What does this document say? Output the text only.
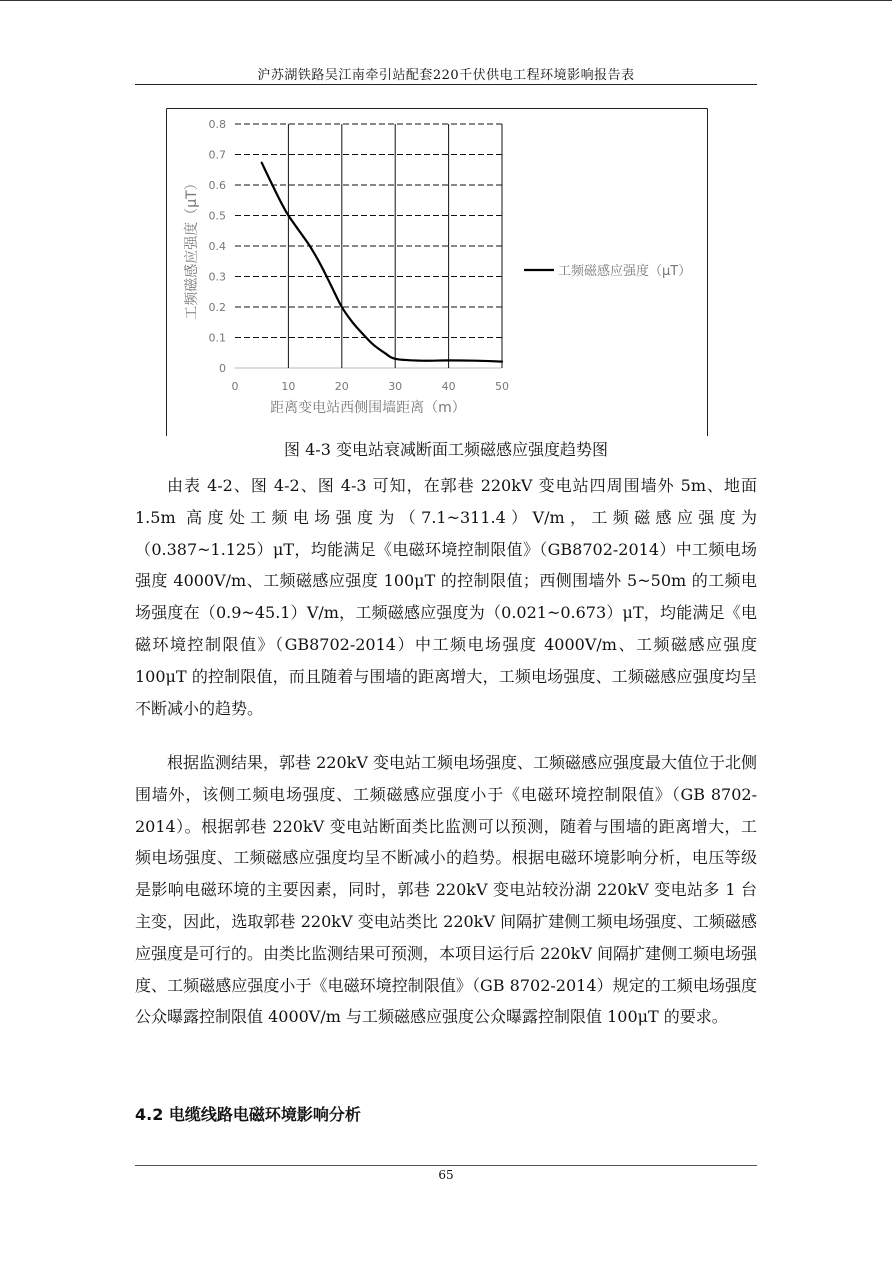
沪苏湖铁路吴江南牵引站配套220千伏供电工程环境影响报告表
0
0.1
0.2
0.3
0.4
0.5
0.6
0.7
0.8
0	10	20	30	40	50
距离变电站西侧围墙距离（m）
工频磁感应强度（μT）	工频磁感应强度（μT）
图 4-3 变电站衰减断面工频磁感应强度趋势图

由表 4-2、图 4-2、图 4-3 可知，在郭巷 220kV 变电站四周围墙外 5m、地面 1.5m 高度处工频电场强度为（7.1~311.4）V/m，工频磁感应强度为（0.387~1.125）μT，均能满足《电磁环境控制限值》（GB8702-2014）中工频电场强度 4000V/m、工频磁感应强度 100μT 的控制限值；西侧围墙外 5~50m 的工频电场强度在（0.9~45.1）V/m，工频磁感应强度为（0.021~0.673）μT，均能满足《电磁环境控制限值》（GB8702-2014）中工频电场强度 4000V/m、工频磁感应强度 100μT 的控制限值，而且随着与围墙的距离增大，工频电场强度、工频磁感应强度均呈不断减小的趋势。

根据监测结果，郭巷 220kV 变电站工频电场强度、工频磁感应强度最大值位于北侧围墙外，该侧工频电场强度、工频磁感应强度小于《电磁环境控制限值》（GB 8702-2014）。根据郭巷 220kV 变电站断面类比监测可以预测，随着与围墙的距离增大，工频电场强度、工频磁感应强度均呈不断减小的趋势。根据电磁环境影响分析，电压等级是影响电磁环境的主要因素，同时，郭巷 220kV 变电站较汾湖 220kV 变电站多 1 台主变，因此，选取郭巷 220kV 变电站类比 220kV 间隔扩建侧工频电场强度、工频磁感应强度是可行的。由类比监测结果可预测，本项目运行后 220kV 间隔扩建侧工频电场强度、工频磁感应强度小于《电磁环境控制限值》（GB 8702-2014）规定的工频电场强度公众曝露控制限值 4000V/m 与工频磁感应强度公众曝露控制限值 100μT 的要求。

4.2 电缆线路电磁环境影响分析
65
